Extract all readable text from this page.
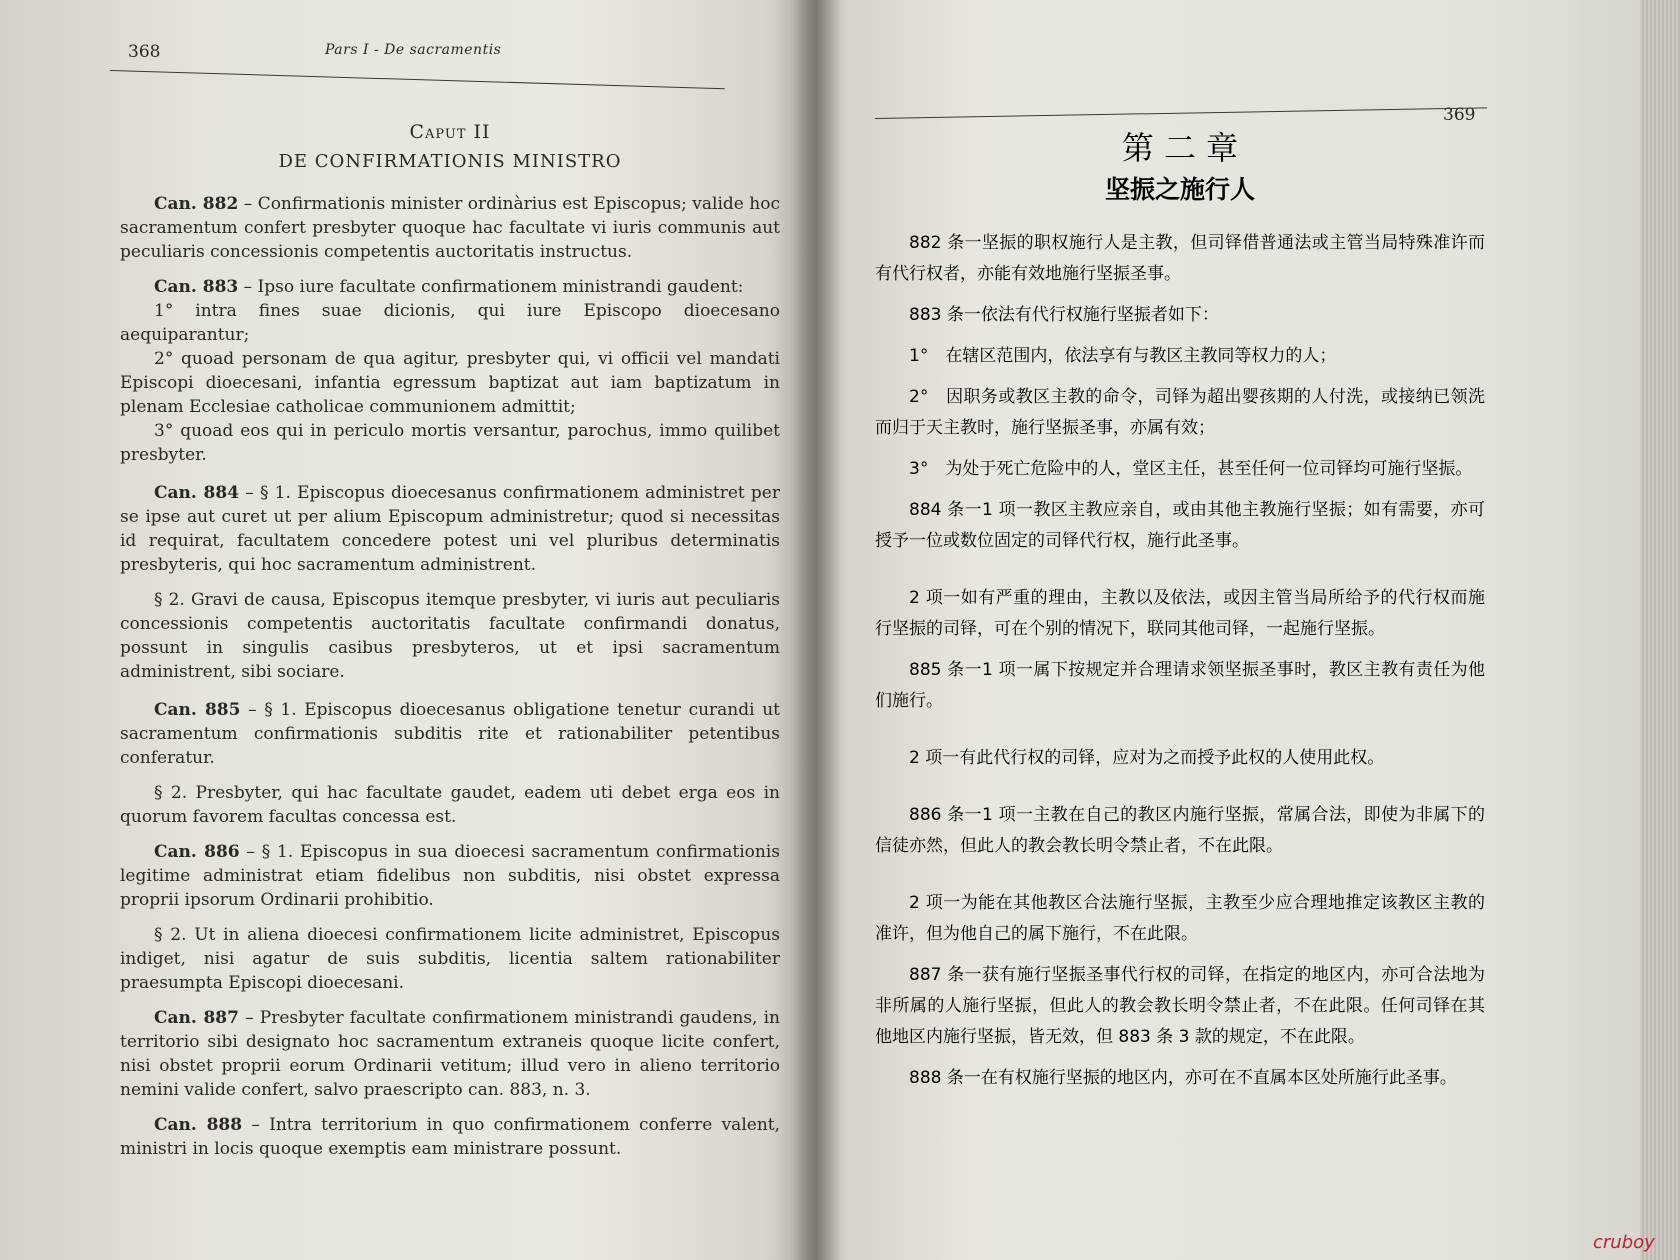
368	Pars I - De sacramentis
Caput II
DE CONFIRMATIONIS MINISTRO

Can. 882 – Confirmationis minister ordinàrius est Episcopus; valide hoc sacramentum confert presbyter quoque hac facultate vi iuris communis aut peculiaris concessionis competentis auctoritatis instructus.

Can. 883 – Ipso iure facultate confirmationem ministrandi gaudent:

1° intra fines suae dicionis, qui iure Episcopo dioecesano aequiparantur;

2° quoad personam de qua agitur, presbyter qui, vi officii vel mandati Episcopi dioecesani, infantia egressum baptizat aut iam baptizatum in plenam Ecclesiae catholicae communionem admittit;

3° quoad eos qui in periculo mortis versantur, parochus, immo quilibet presbyter.

Can. 884 – § 1. Episcopus dioecesanus confirmationem administret per se ipse aut curet ut per alium Episcopum administretur; quod si necessitas id requirat, facultatem concedere potest uni vel pluribus determinatis presbyteris, qui hoc sacramentum administrent.

§ 2. Gravi de causa, Episcopus itemque presbyter, vi iuris aut peculiaris concessionis competentis auctoritatis facultate confirmandi donatus, possunt in singulis casibus presbyteros, ut et ipsi sacramentum administrent, sibi sociare.

Can. 885 – § 1. Episcopus dioecesanus obligatione tenetur curandi ut sacramentum confirmationis subditis rite et rationabiliter petentibus conferatur.

§ 2. Presbyter, qui hac facultate gaudet, eadem uti debet erga eos in quorum favorem facultas concessa est.

Can. 886 – § 1. Episcopus in sua dioecesi sacramentum confirmationis legitime administrat etiam fidelibus non subditis, nisi obstet expressa proprii ipsorum Ordinarii prohibitio.

§ 2. Ut in aliena dioecesi confirmationem licite administret, Episcopus indiget, nisi agatur de suis subditis, licentia saltem rationabiliter praesumpta Episcopi dioecesani.

Can. 887 – Presbyter facultate confirmationem ministrandi gaudens, in territorio sibi designato hoc sacramentum extraneis quoque licite confert, nisi obstet proprii eorum Ordinarii vetitum; illud vero in alieno territorio nemini valide confert, salvo praescripto can. 883, n. 3.

Can. 888 – Intra territorium in quo confirmationem conferre valent, ministri in locis quoque exemptis eam ministrare possunt.

369
第 二 章
坚振之施行人

882 条一坚振的职权施行人是主教，但司铎借普通法或主管当局特殊准许而有代行权者，亦能有效地施行坚振圣事。

883 条一依法有代行权施行坚振者如下：

1°　在辖区范围内，依法享有与教区主教同等权力的人；

2°　因职务或教区主教的命令，司铎为超出婴孩期的人付洗，或接纳已领洗而归于天主教时，施行坚振圣事，亦属有效；

3°　为处于死亡危险中的人，堂区主任，甚至任何一位司铎均可施行坚振。

884 条一1 项一教区主教应亲自，或由其他主教施行坚振；如有需要，亦可授予一位或数位固定的司铎代行权，施行此圣事。

2 项一如有严重的理由，主教以及依法，或因主管当局所给予的代行权而施行坚振的司铎，可在个别的情况下，联同其他司铎，一起施行坚振。

885 条一1 项一属下按规定并合理请求领坚振圣事时，教区主教有责任为他们施行。

2 项一有此代行权的司铎，应对为之而授予此权的人使用此权。

886 条一1 项一主教在自己的教区内施行坚振，常属合法，即使为非属下的信徒亦然，但此人的教会教长明令禁止者，不在此限。

2 项一为能在其他教区合法施行坚振，主教至少应合理地推定该教区主教的准许，但为他自己的属下施行，不在此限。

887 条一获有施行坚振圣事代行权的司铎，在指定的地区内，亦可合法地为非所属的人施行坚振，但此人的教会教长明令禁止者，不在此限。任何司铎在其他地区内施行坚振，皆无效，但 883 条 3 款的规定，不在此限。

888 条一在有权施行坚振的地区内，亦可在不直属本区处所施行此圣事。

cruboy
